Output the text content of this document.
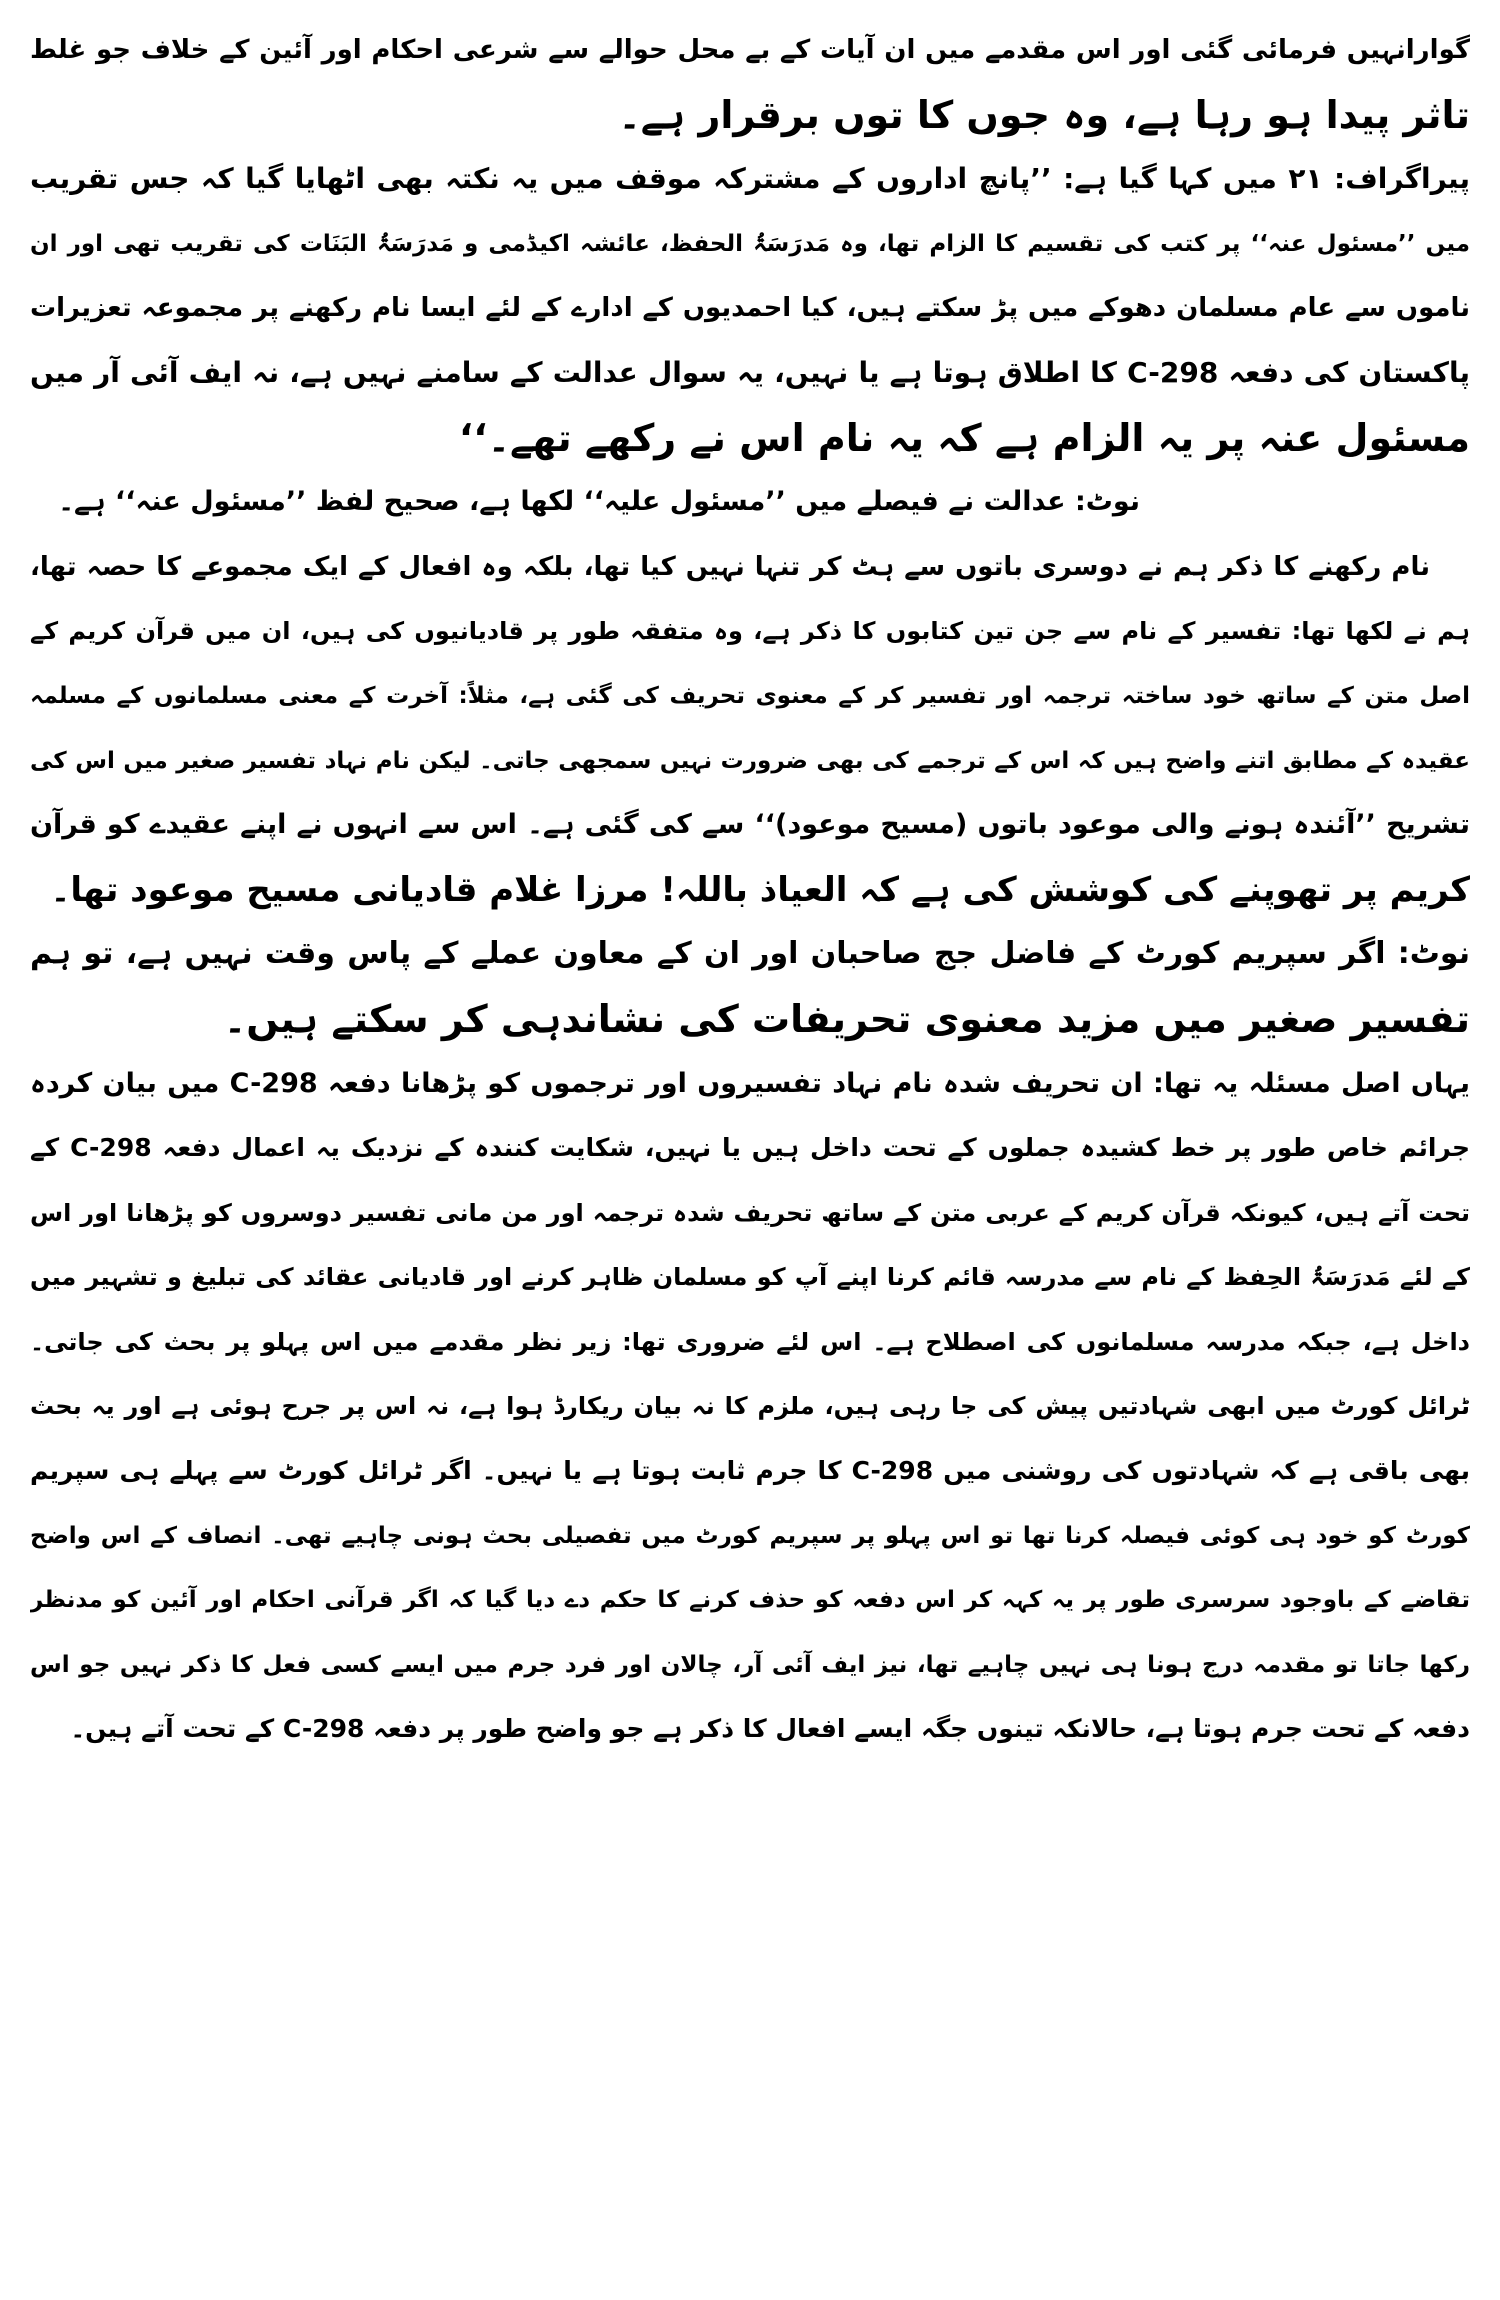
گوارانہیں فرمائی گئی اور اس مقدمے میں ان آیات کے بے محل حوالے سے شرعی احکام اور آئین کے خلاف جو غلط
تاثر پیدا ہو رہا ہے، وہ جوں کا توں برقرار ہے۔
پیراگراف: ۲۱ میں کہا گیا ہے: ’’پانچ اداروں کے مشترکہ موقف میں یہ نکتہ بھی اٹھایا گیا کہ جس تقریب
میں ’’مسئول عنہ‘‘ پر کتب کی تقسیم کا الزام تھا، وہ مَدرَسَۃُ الحفظ، عائشہ اکیڈمی و مَدرَسَۃُ البَنَات کی تقریب تھی اور ان
ناموں سے عام مسلمان دھوکے میں پڑ سکتے ہیں، کیا احمدیوں کے ادارے کے لئے ایسا نام رکھنے پر مجموعہ تعزیرات
پاکستان کی دفعہ C-298 کا اطلاق ہوتا ہے یا نہیں، یہ سوال عدالت کے سامنے نہیں ہے، نہ ایف آئی آر میں
مسئول عنہ پر یہ الزام ہے کہ یہ نام اس نے رکھے تھے۔‘‘
نوٹ: عدالت نے فیصلے میں ’’مسئول علیہ‘‘ لکھا ہے، صحیح لفظ ’’مسئول عنہ‘‘ ہے۔
نام رکھنے کا ذکر ہم نے دوسری باتوں سے ہٹ کر تنہا نہیں کیا تھا، بلکہ وہ افعال کے ایک مجموعے کا حصہ تھا،
ہم نے لکھا تھا: تفسیر کے نام سے جن تین کتابوں کا ذکر ہے، وہ متفقہ طور پر قادیانیوں کی ہیں، ان میں قرآن کریم کے
اصل متن کے ساتھ خود ساختہ ترجمہ اور تفسیر کر کے معنوی تحریف کی گئی ہے، مثلاً: آخرت کے معنی مسلمانوں کے مسلمہ
عقیدہ کے مطابق اتنے واضح ہیں کہ اس کے ترجمے کی بھی ضرورت نہیں سمجھی جاتی۔ لیکن نام نہاد تفسیر صغیر میں اس کی
تشریح ’’آئندہ ہونے والی موعود باتوں (مسیح موعود)‘‘ سے کی گئی ہے۔ اس سے انہوں نے اپنے عقیدے کو قرآن
کریم پر تھوپنے کی کوشش کی ہے کہ العیاذ باللہ! مرزا غلام قادیانی مسیح موعود تھا۔
نوٹ: اگر سپریم کورٹ کے فاضل جج صاحبان اور ان کے معاون عملے کے پاس وقت نہیں ہے، تو ہم
تفسیر صغیر میں مزید معنوی تحریفات کی نشاندہی کر سکتے ہیں۔
یہاں اصل مسئلہ یہ تھا: ان تحریف شدہ نام نہاد تفسیروں اور ترجموں کو پڑھانا دفعہ C-298 میں بیان کردہ
جرائم خاص طور پر خط کشیدہ جملوں کے تحت داخل ہیں یا نہیں، شکایت کنندہ کے نزدیک یہ اعمال دفعہ C-298 کے
تحت آتے ہیں، کیونکہ قرآن کریم کے عربی متن کے ساتھ تحریف شدہ ترجمہ اور من مانی تفسیر دوسروں کو پڑھانا اور اس
کے لئے مَدرَسَۃُ الحِفظ کے نام سے مدرسہ قائم کرنا اپنے آپ کو مسلمان ظاہر کرنے اور قادیانی عقائد کی تبلیغ و تشہیر میں
داخل ہے، جبکہ مدرسہ مسلمانوں کی اصطلاح ہے۔ اس لئے ضروری تھا: زیر نظر مقدمے میں اس پہلو پر بحث کی جاتی۔
ٹرائل کورٹ میں ابھی شہادتیں پیش کی جا رہی ہیں، ملزم کا نہ بیان ریکارڈ ہوا ہے، نہ اس پر جرح ہوئی ہے اور یہ بحث
بھی باقی ہے کہ شہادتوں کی روشنی میں C-298 کا جرم ثابت ہوتا ہے یا نہیں۔ اگر ٹرائل کورٹ سے پہلے ہی سپریم
کورٹ کو خود ہی کوئی فیصلہ کرنا تھا تو اس پہلو پر سپریم کورٹ میں تفصیلی بحث ہونی چاہیے تھی۔ انصاف کے اس واضح
تقاضے کے باوجود سرسری طور پر یہ کہہ کر اس دفعہ کو حذف کرنے کا حکم دے دیا گیا کہ اگر قرآنی احکام اور آئین کو مدنظر
رکھا جاتا تو مقدمہ درج ہونا ہی نہیں چاہیے تھا، نیز ایف آئی آر، چالان اور فرد جرم میں ایسے کسی فعل کا ذکر نہیں جو اس
دفعہ کے تحت جرم ہوتا ہے، حالانکہ تینوں جگہ ایسے افعال کا ذکر ہے جو واضح طور پر دفعہ C-298 کے تحت آتے ہیں۔
